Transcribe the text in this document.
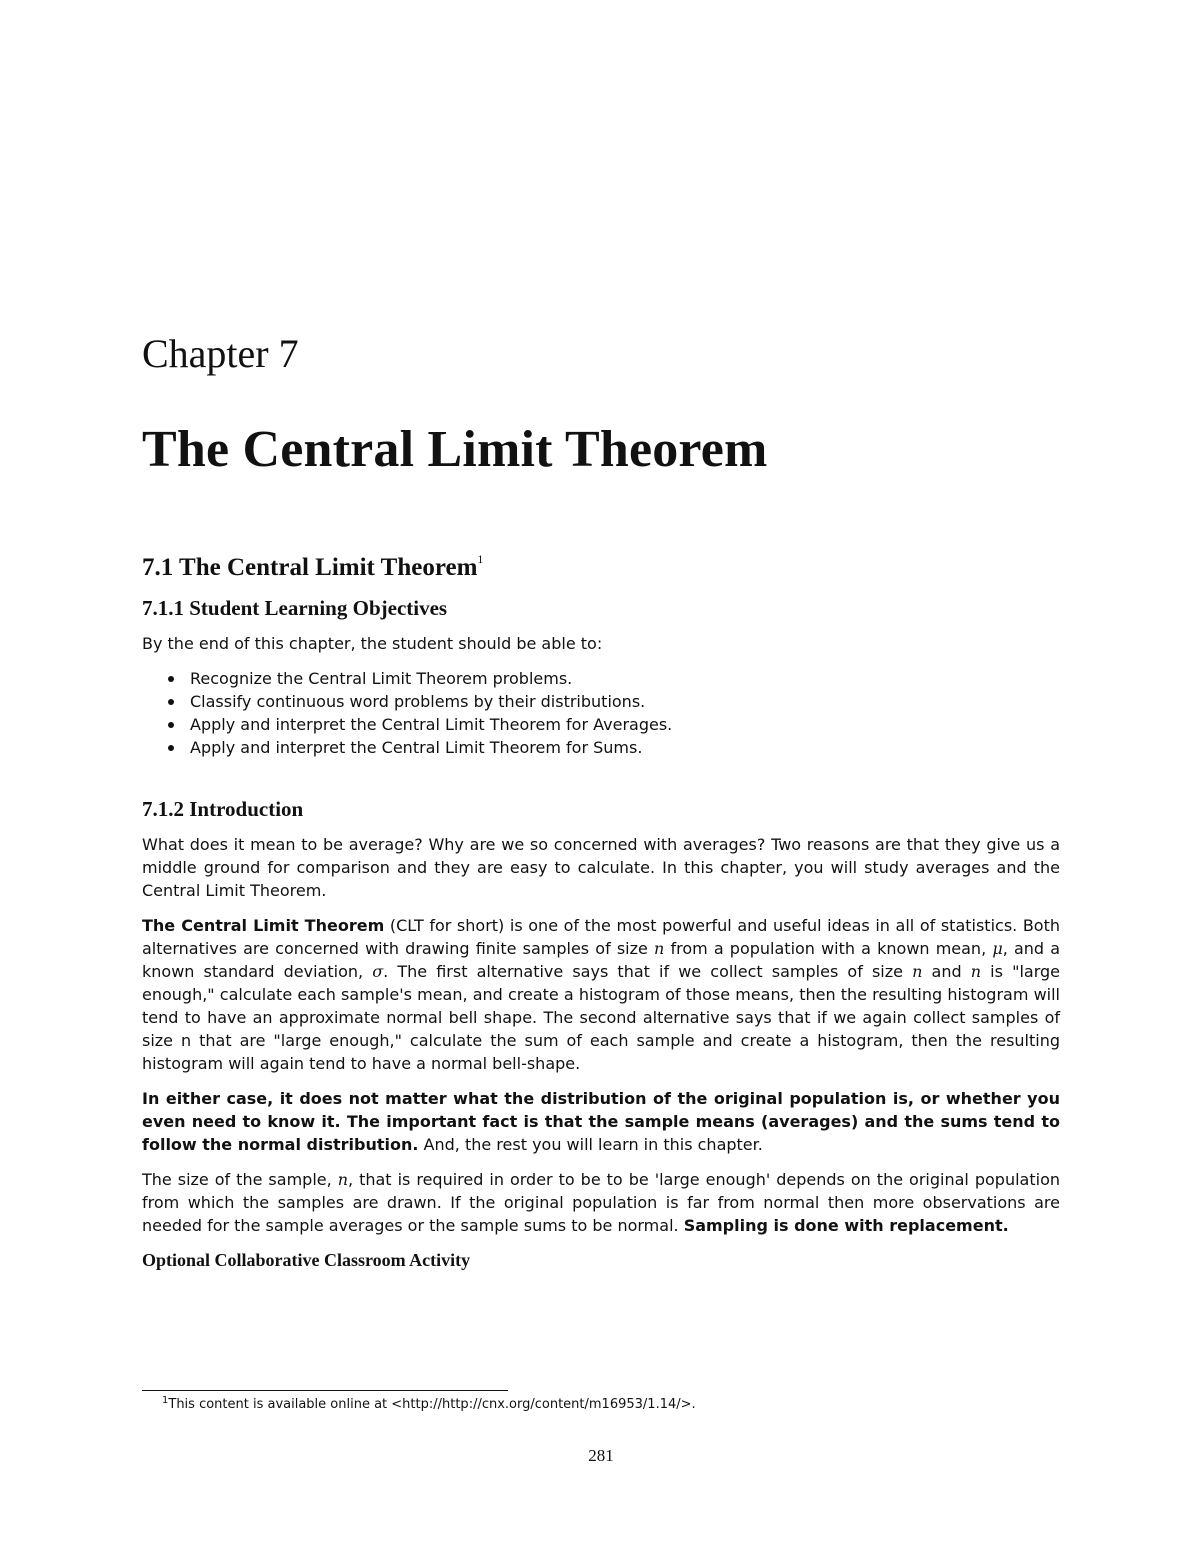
Chapter 7
The Central Limit Theorem
7.1 The Central Limit Theorem$^1$
7.1.1 Student Learning Objectives

By the end of this chapter, the student should be able to:

Recognize the Central Limit Theorem problems.
Classify continuous word problems by their distributions.
Apply and interpret the Central Limit Theorem for Averages.
Apply and interpret the Central Limit Theorem for Sums.
7.1.2 Introduction

What does it mean to be average? Why are we so concerned with averages? Two reasons are that they give us a middle ground for comparison and they are easy to calculate. In this chapter, you will study averages and the Central Limit Theorem.

The Central Limit Theorem (CLT for short) is one of the most powerful and useful ideas in all of statistics. Both alternatives are concerned with drawing finite samples of size n from a population with a known mean, μ, and a known standard deviation, σ. The first alternative says that if we collect samples of size n and n is "large enough," calculate each sample's mean, and create a histogram of those means, then the resulting histogram will tend to have an approximate normal bell shape. The second alternative says that if we again collect samples of size n that are "large enough," calculate the sum of each sample and create a histogram, then the resulting histogram will again tend to have a normal bell-shape.

In either case, it does not matter what the distribution of the original population is, or whether you even need to know it. The important fact is that the sample means (averages) and the sums tend to follow the normal distribution. And, the rest you will learn in this chapter.

The size of the sample, n, that is required in order to be to be 'large enough' depends on the original population from which the samples are drawn. If the original population is far from normal then more observations are needed for the sample averages or the sample sums to be normal. Sampling is done with replacement.

Optional Collaborative Classroom Activity

$^1$This content is available online at <http://http://cnx.org/content/m16953/1.14/>.
281
